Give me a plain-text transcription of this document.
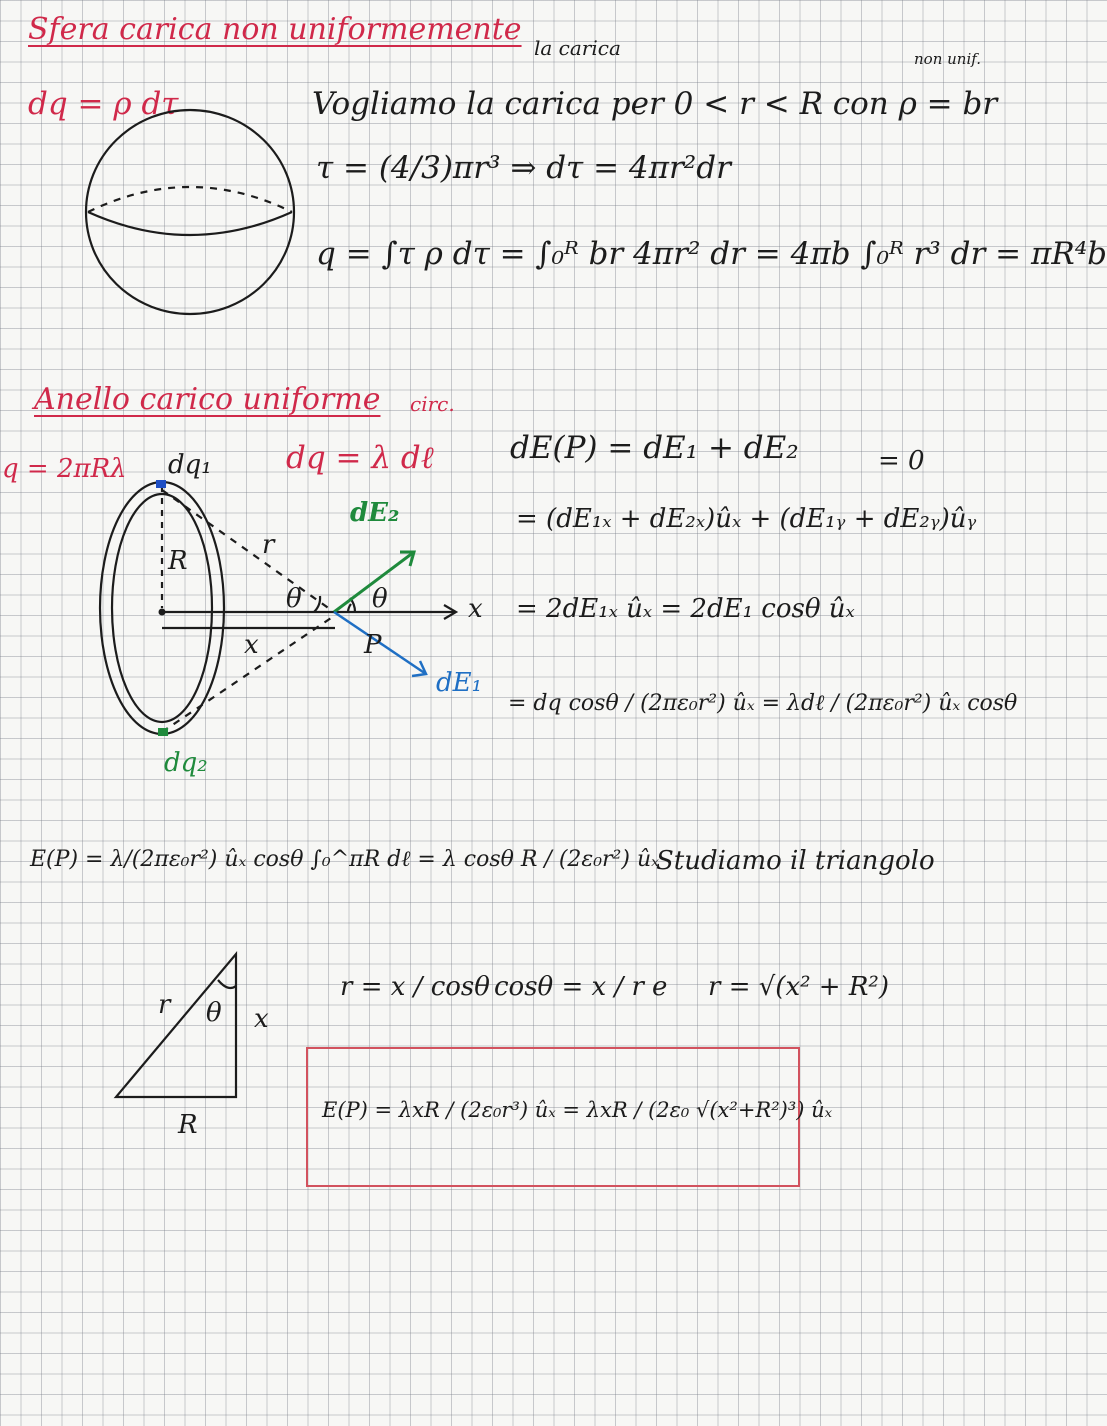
Sfera carica non uniformemente
la carica	non unif.
dq = ρ dτ	Vogliamo la carica per 0 < r < R con ρ = br
τ = (4/3)πr³ ⇒ dτ = 4πr²dr
q = ∫τ ρ dτ = ∫₀ᴿ br 4πr² dr = 4πb ∫₀ᴿ r³ dr = πR⁴b
Anello carico uniforme circ.
q = 2πRλ	dq = λ dℓ
dq₁
dq₂
R
r
θ	θ	x
x	P
dE₁
dE₂
dE(P) = dE₁ + dE₂	= 0
= (dE₁ₓ + dE₂ₓ)ûₓ + (dE₁ᵧ + dE₂ᵧ)ûᵧ
= 2dE₁ₓ ûₓ = 2dE₁ cosθ ûₓ
= dq cosθ / (2πε₀r²) ûₓ = λdℓ / (2πε₀r²) ûₓ cosθ
E(P) = λ/(2πε₀r²) ûₓ cosθ ∫₀^πR dℓ = λ cosθ R / (2ε₀r²) ûₓ
Studiamo il triangolo
r θ x
R
r = x / cosθ cosθ = x / r e r = √(x² + R²)
E(P) = λxR / (2ε₀r³) ûₓ = λxR / (2ε₀ √(x²+R²)³) ûₓ
